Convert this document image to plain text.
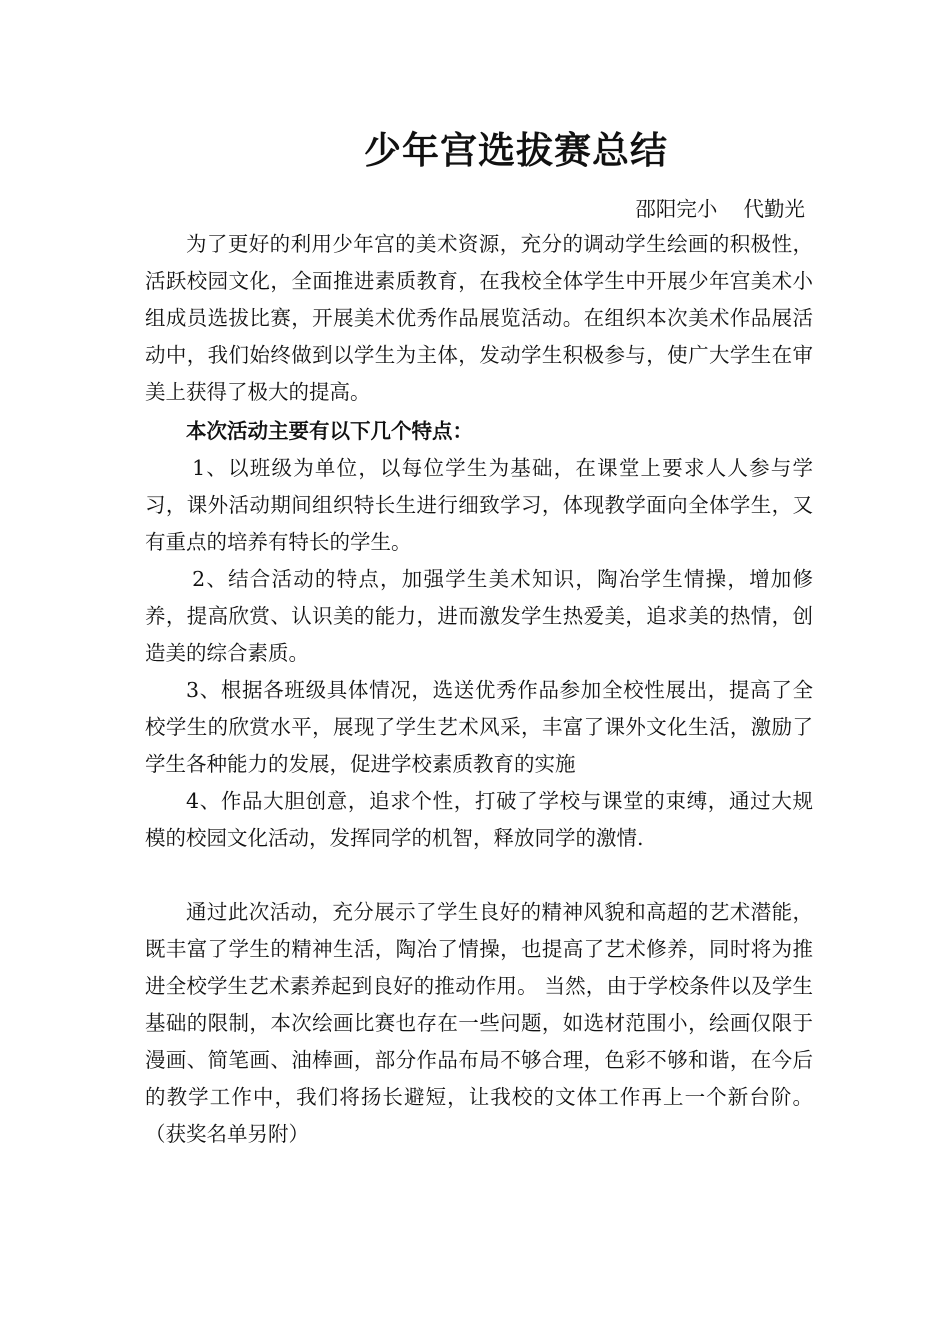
少年宫选拔赛总结
邵阳完小    代勤光

为了更好的利用少年宫的美术资源，充分的调动学生绘画的积极性，活跃校园文化，全面推进素质教育，在我校全体学生中开展少年宫美术小组成员选拔比赛，开展美术优秀作品展览活动。在组织本次美术作品展活动中，我们始终做到以学生为主体，发动学生积极参与，使广大学生在审美上获得了极大的提高。

本次活动主要有以下几个特点：

1、以班级为单位，以每位学生为基础，在课堂上要求人人参与学习，课外活动期间组织特长生进行细致学习，体现教学面向全体学生，又有重点的培养有特长的学生。

2、结合活动的特点，加强学生美术知识，陶冶学生情操，增加修养，提高欣赏、认识美的能力，进而激发学生热爱美，追求美的热情，创造美的综合素质。

3、根据各班级具体情况，选送优秀作品参加全校性展出，提高了全校学生的欣赏水平，展现了学生艺术风采，丰富了课外文化生活，激励了学生各种能力的发展，促进学校素质教育的实施

4、作品大胆创意，追求个性，打破了学校与课堂的束缚，通过大规模的校园文化活动，发挥同学的机智，释放同学的激情.

通过此次活动，充分展示了学生良好的精神风貌和高超的艺术潜能，既丰富了学生的精神生活，陶冶了情操，也提高了艺术修养，同时将为推进全校学生艺术素养起到良好的推动作用。 当然，由于学校条件以及学生基础的限制，本次绘画比赛也存在一些问题，如选材范围小，绘画仅限于漫画、简笔画、油棒画，部分作品布局不够合理，色彩不够和谐，在今后的教学工作中，我们将扬长避短，让我校的文体工作再上一个新台阶。 （获奖名单另附）
